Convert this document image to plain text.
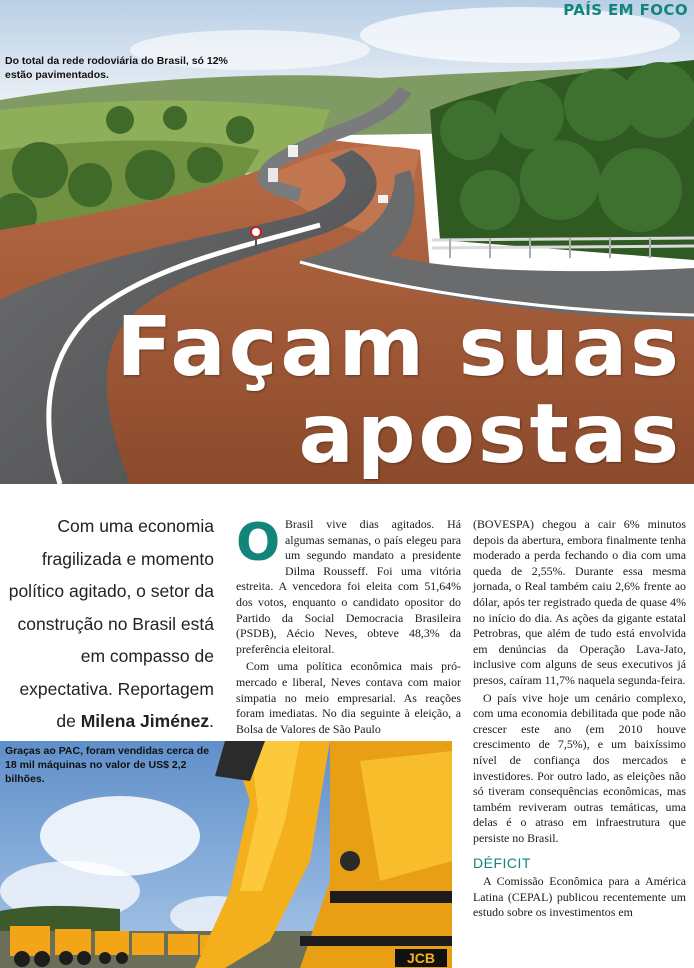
PAÍS EM FOCO
Do total da rede rodoviária do Brasil, só 12% estão pavimentados.
Façam suas
apostas
Com uma economia fragilizada e momento político agitado, o setor da construção no Brasil está em compasso de expectativa. Reportagem de Milena Jiménez.

O Brasil vive dias agitados. Há algumas semanas, o país elegeu para um segundo mandato a presidente Dilma Rousseff. Foi uma vitória estreita. A vencedora foi eleita com 51,64% dos votos, enquanto o candidato opositor do Partido da Social Democracia Brasileira (PSDB), Aécio Neves, obteve 48,3% da preferência eleitoral.

Com uma política econômica mais pró-mercado e liberal, Neves contava com maior simpatia no meio empresarial. As reações foram imediatas. No dia seguinte à eleição, a Bolsa de Valores de São Paulo

(BOVESPA) chegou a cair 6% minutos depois da abertura, embora finalmente tenha moderado a perda fechando o dia com uma queda de 2,55%. Durante essa mesma jornada, o Real também caiu 2,6% frente ao dólar, após ter registrado queda de quase 4% no início do dia. As ações da gigante estatal Petrobras, que além de tudo está envolvida em denúncias da Operação Lava-Jato, inclusive com alguns de seus executivos já presos, caíram 11,7% naquela segunda-feira.

O país vive hoje um cenário complexo, com uma economia debilitada que pode não crescer este ano (em 2010 houve crescimento de 7,5%), e um baixíssimo nível de confiança dos mercados e investidores. Por outro lado, as eleições não só tiveram consequências econômicas, mas também reviveram outras temáticas, uma delas é o atraso em infraestrutura que persiste no Brasil.

DÉFICIT

A Comissão Econômica para a América Latina (CEPAL) publicou recentemente um estudo sobre os investimentos em

JCB
Graças ao PAC, foram vendidas cerca de 18 mil máquinas no valor de US$ 2,2 bilhões.
